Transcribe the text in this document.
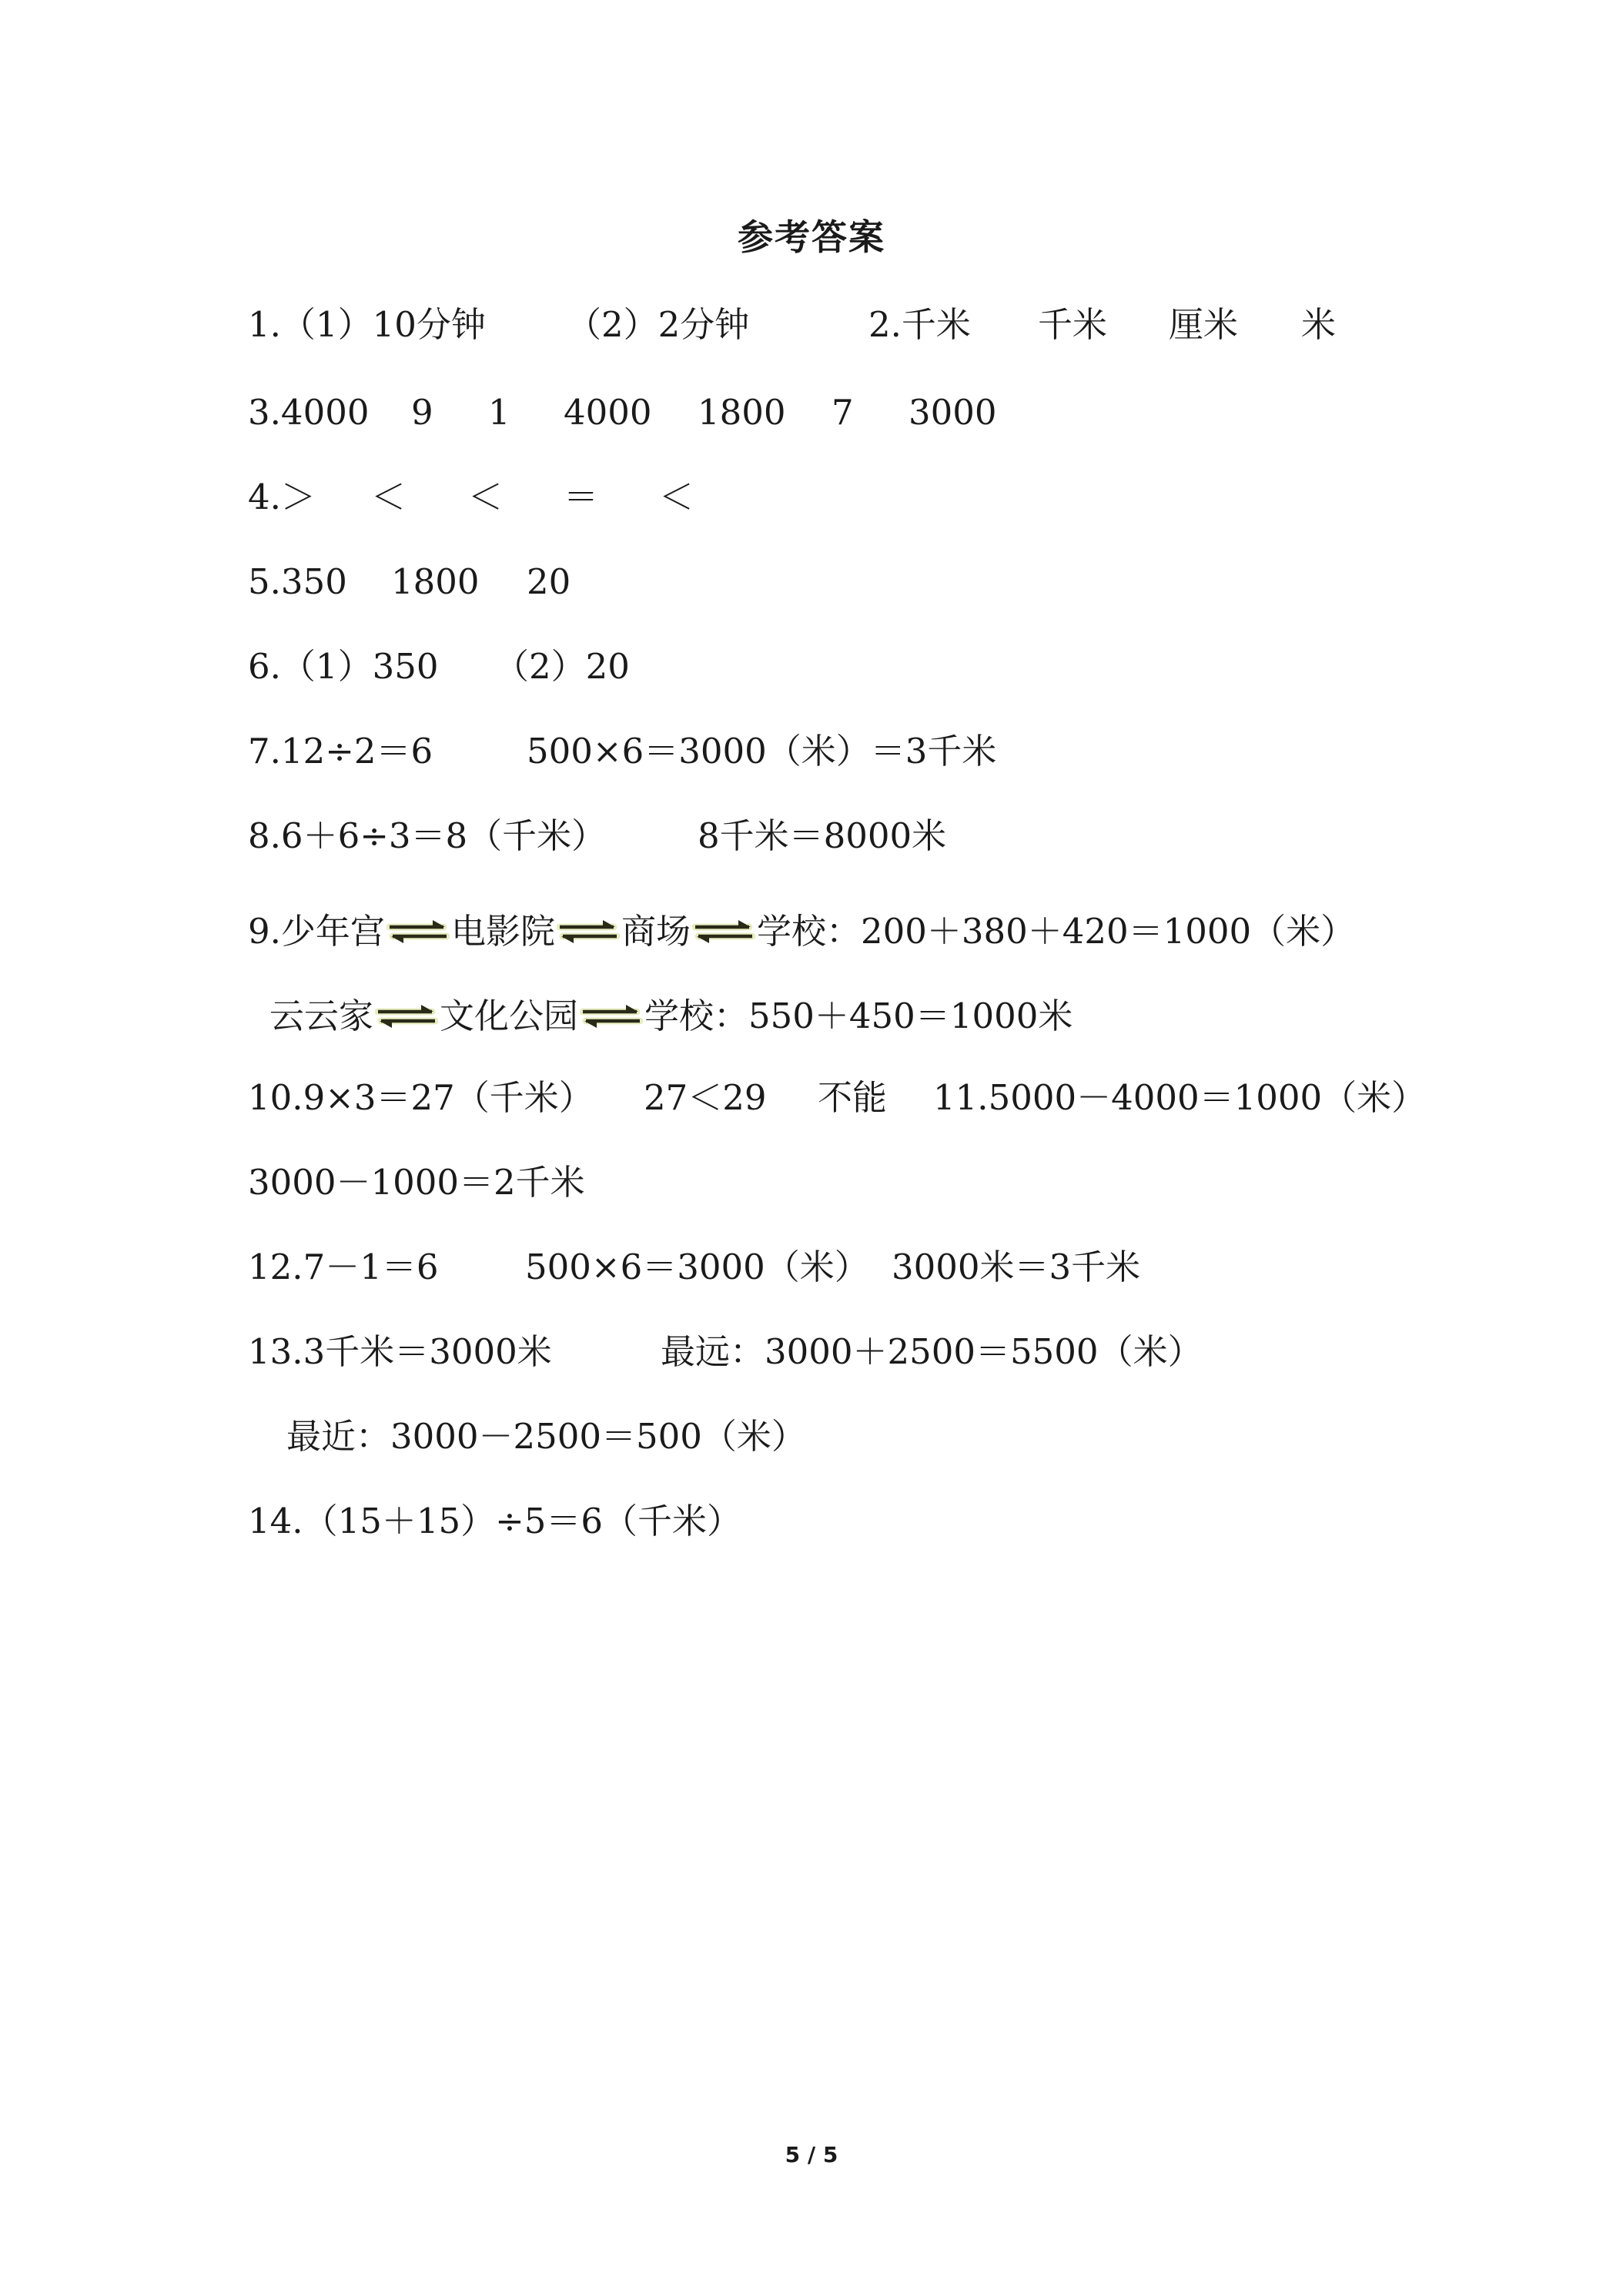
参考答案
1.（1）10分钟 （2）2分钟	2.千米 千米 厘米 米
3.4000 9 1 4000 1800 7 3000
4.＞ ＜ ＜ ＝ ＜
5.350 1800 20
6.（1）350 （2）20
7.12÷2＝6	500×6＝3000（米）＝3千米
8.6＋6÷3＝8（千米）	8千米＝8000米
9.少年宫 电影院 商场 学校：200＋380＋420＝1000（米）
云云家 文化公园 学校：550＋450＝1000米
10.9×3＝27（千米） 27＜29 不能 11.5000－4000＝1000（米）
3000－1000＝2千米
12.7－1＝6	500×6＝3000（米） 3000米＝3千米
13.3千米＝3000米	最远：3000＋2500＝5500（米）
最近：3000－2500＝500（米）
14.（15＋15）÷5＝6（千米）
5 / 5
